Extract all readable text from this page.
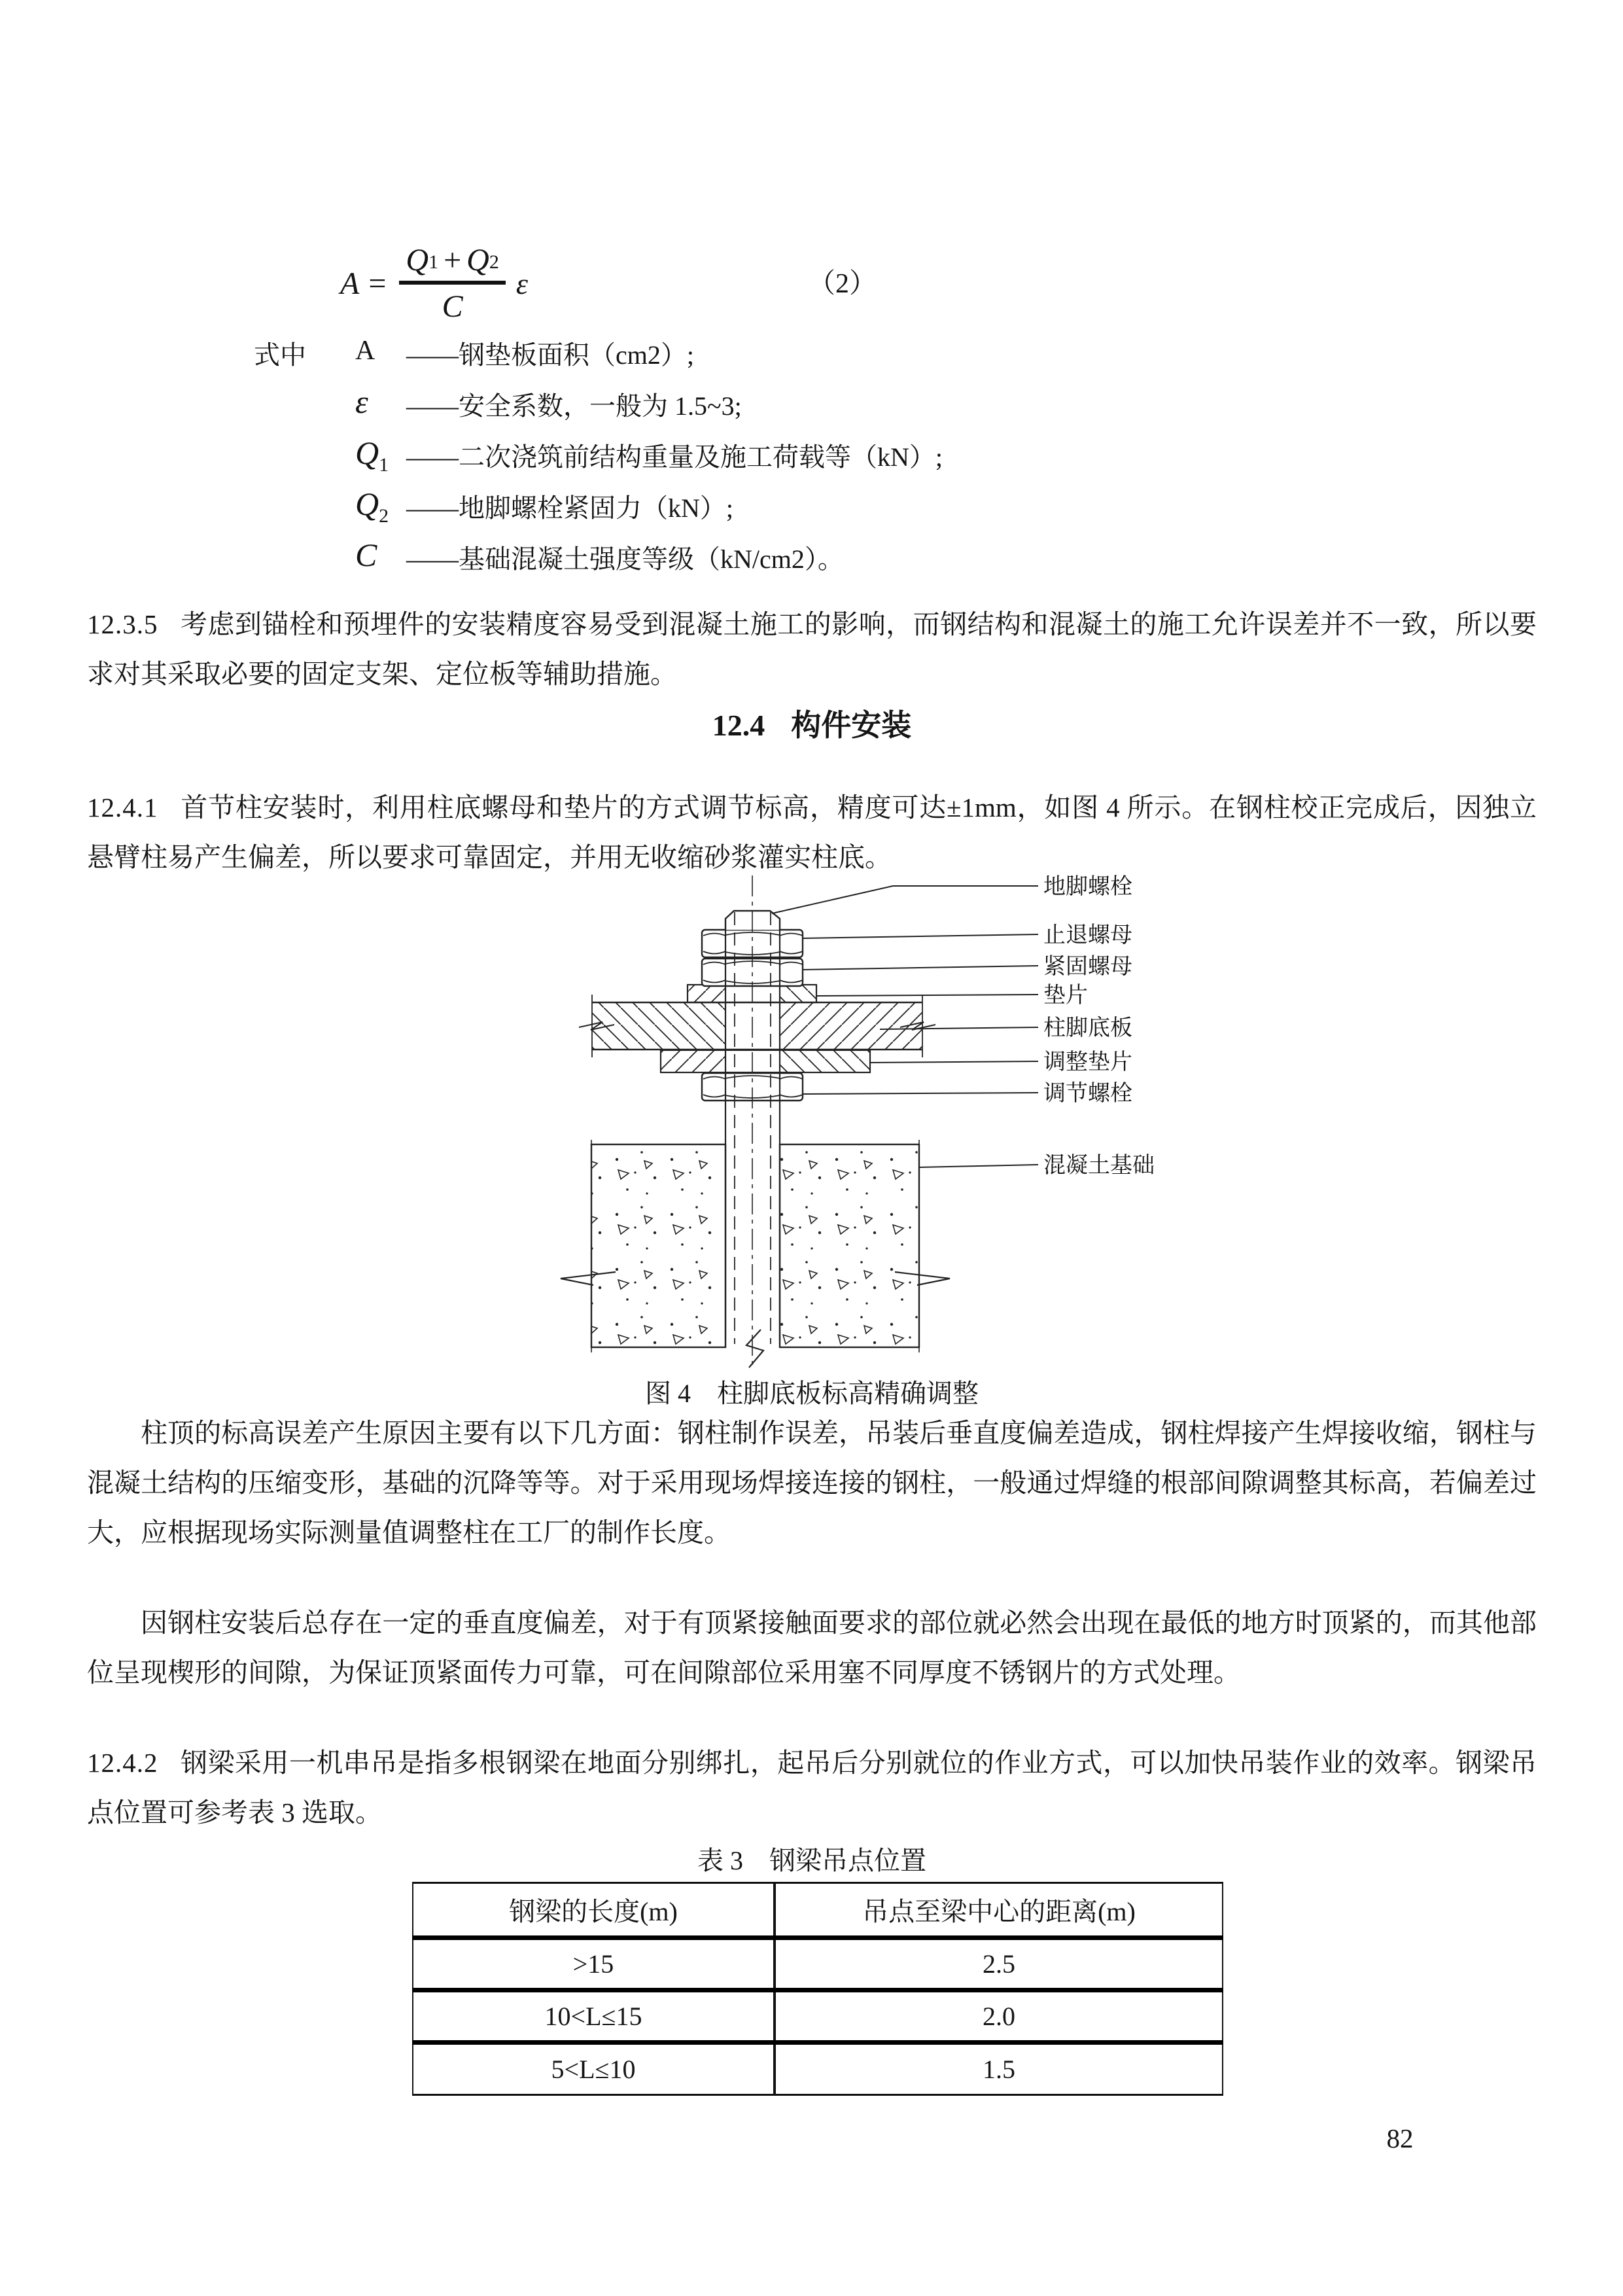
A =
Q 1 + Q 2
C
ε	（2）
式中	A	——钢垫板面积（cm2）;
ε	——安全系数，一般为 1.5~3;
$Q_1$ ——二次浇筑前结构重量及施工荷载等（kN）;
$Q_2$ ——地脚螺栓紧固力（kN）;
C	——基础混凝土强度等级（kN/cm2）。
12.3.5 考虑到锚栓和预埋件的安装精度容易受到混凝土施工的影响，而钢结构和混凝土的施工允许误差并不一致，所以要求对其采取必要的固定支架、定位板等辅助措施。
12.4 构件安装
12.4.1 首节柱安装时，利用柱底螺母和垫片的方式调节标高，精度可达±1mm，如图 4 所示。在钢柱校正完成后，因独立悬臂柱易产生偏差，所以要求可靠固定，并用无收缩砂浆灌实柱底。
地脚螺栓
止退螺母
紧固螺母
垫片
柱脚底板
调整垫片
调节螺栓
混凝土基础
图 4　柱脚底板标高精确调整
柱顶的标高误差产生原因主要有以下几方面：钢柱制作误差，吊装后垂直度偏差造成，钢柱焊接产生焊接收缩，钢柱与混凝土结构的压缩变形，基础的沉降等等。对于采用现场焊接连接的钢柱，一般通过焊缝的根部间隙调整其标高，若偏差过大，应根据现场实际测量值调整柱在工厂的制作长度。
因钢柱安装后总存在一定的垂直度偏差，对于有顶紧接触面要求的部位就必然会出现在最低的地方时顶紧的，而其他部位呈现楔形的间隙，为保证顶紧面传力可靠，可在间隙部位采用塞不同厚度不锈钢片的方式处理。
12.4.2 钢梁采用一机串吊是指多根钢梁在地面分别绑扎，起吊后分别就位的作业方式，可以加快吊装作业的效率。钢梁吊点位置可参考表 3 选取。
表 3　钢梁吊点位置
钢梁的长度(m)	吊点至梁中心的距离(m)
>15	2.5
10<L≤15	2.0
5<L≤10	1.5
82
